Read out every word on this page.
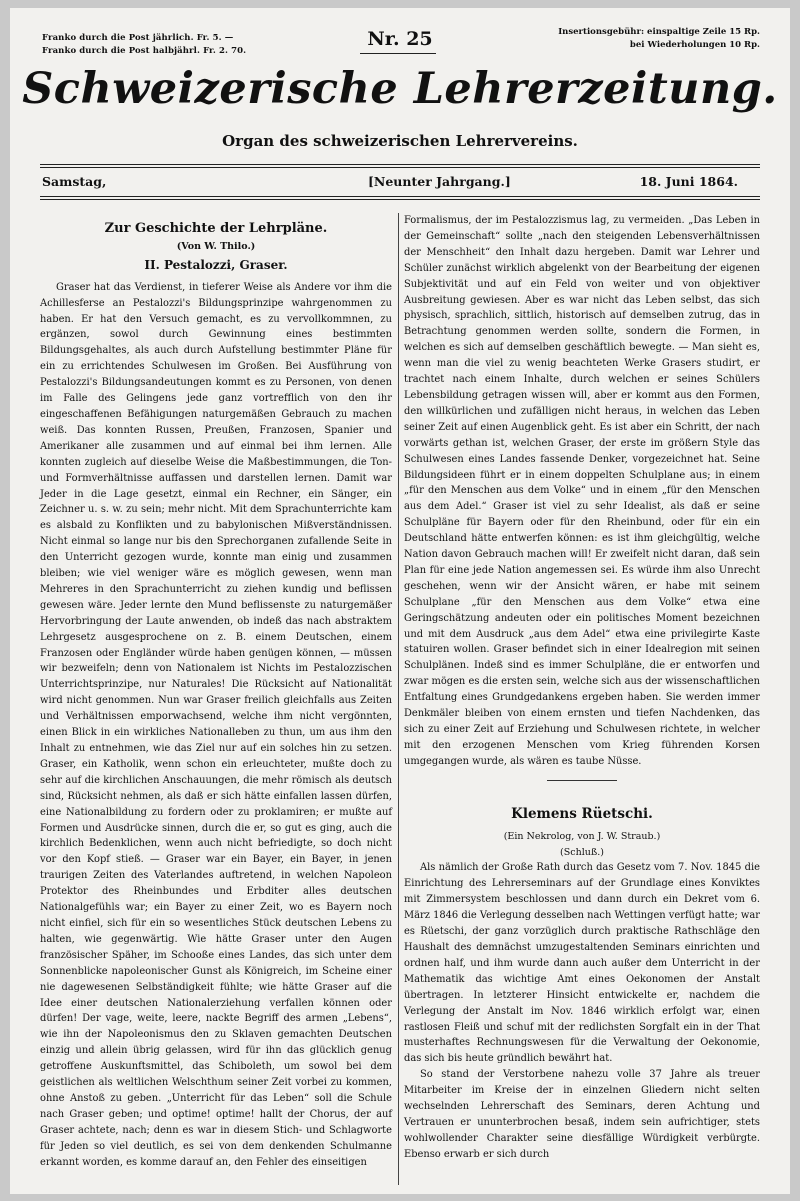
Franko durch die Post jährlich. Fr. 5. —
Franko durch die Post halbjährl. Fr. 2. 70.
Nr. 25	Insertionsgebühr: einspaltige Zeile 15 Rp.
bei Wiederholungen 10 Rp.
Schweizerische Lehrerzeitung.
Organ des schweizerischen Lehrervereins.
Samstag,	[Neunter Jahrgang.]	18. Juni 1864.
Zur Geschichte der Lehrpläne.
(Von W. Thilo.)
II. Pestalozzi, Graser.

Graser hat das Verdienst, in tieferer Weise als Andere vor ihm die Achillesferse an Pestalozzi's Bildungsprinzipe wahrgenommen zu haben. Er hat den Versuch gemacht, es zu vervollkommnen, zu ergänzen, sowol durch Gewinnung eines bestimmten Bildungsgehaltes, als auch durch Aufstellung bestimmter Pläne für ein zu errichtendes Schulwesen im Großen. Bei Ausführung von Pestalozzi's Bildungsandeutungen kommt es zu Personen, von denen im Falle des Gelingens jede ganz vortrefflich von den ihr eingeschaffenen Befähigungen naturgemäßen Gebrauch zu machen weiß. Das konnten Russen, Preußen, Franzosen, Spanier und Amerikaner alle zusammen und auf einmal bei ihm lernen. Alle konnten zugleich auf dieselbe Weise die Maßbestimmungen, die Ton- und Formverhältnisse auffassen und darstellen lernen. Damit war Jeder in die Lage gesetzt, einmal ein Rechner, ein Sänger, ein Zeichner u. s. w. zu sein; mehr nicht. Mit dem Sprachunterrichte kam es alsbald zu Konflikten und zu babylonischen Mißverständnissen. Nicht einmal so lange nur bis den Sprechorganen zufallende Seite in den Unterricht gezogen wurde, konnte man einig und zusammen bleiben; wie viel weniger wäre es möglich gewesen, wenn man Mehreres in den Sprachunterricht zu ziehen kundig und beflissen gewesen wäre. Jeder lernte den Mund beflissenste zu naturgemäßer Hervorbringung der Laute anwenden, ob indeß das nach abstraktem Lehrgesetz ausgesprochene on z. B. einem Deutschen, einem Franzosen oder Engländer würde haben genügen können, — müssen wir bezweifeln; denn von Nationalem ist Nichts im Pestalozzischen Unterrichtsprinzipe, nur Naturales! Die Rücksicht auf Nationalität wird nicht genommen. Nun war Graser freilich gleichfalls aus Zeiten und Verhältnissen emporwachsend, welche ihm nicht vergönnten, einen Blick in ein wirkliches Nationalleben zu thun, um aus ihm den Inhalt zu entnehmen, wie das Ziel nur auf ein solches hin zu setzen. Graser, ein Katholik, wenn schon ein erleuchteter, mußte doch zu sehr auf die kirchlichen Anschauungen, die mehr römisch als deutsch sind, Rücksicht nehmen, als daß er sich hätte einfallen lassen dürfen, eine Nationalbildung zu fordern oder zu proklamiren; er mußte auf Formen und Ausdrücke sinnen, durch die er, so gut es ging, auch die kirchlich Bedenklichen, wenn auch nicht befriedigte, so doch nicht vor den Kopf stieß. — Graser war ein Bayer, ein Bayer, in jenen traurigen Zeiten des Vaterlandes auftretend, in welchen Napoleon Protektor des Rheinbundes und Erbditer alles deutschen Nationalgefühls war; ein Bayer zu einer Zeit, wo es Bayern noch nicht einfiel, sich für ein so wesentliches Stück deutschen Lebens zu halten, wie gegenwärtig. Wie hätte Graser unter den Augen französischer Späher, im Schooße eines Landes, das sich unter dem Sonnenblicke napoleonischer Gunst als Königreich, im Scheine einer nie dagewesenen Selbständigkeit fühlte; wie hätte Graser auf die Idee einer deutschen Nationalerziehung verfallen können oder dürfen! Der vage, weite, leere, nackte Begriff des armen „Lebens“, wie ihn der Napoleonismus den zu Sklaven gemachten Deutschen einzig und allein übrig gelassen, wird für ihn das glücklich genug getroffene Auskunftsmittel, das Schiboleth, um sowol bei dem geistlichen als weltlichen Welschthum seiner Zeit vorbei zu kommen, ohne Anstoß zu geben. „Unterricht für das Leben“ soll die Schule nach Graser geben; und optime! optime! hallt der Chorus, der auf Graser achtete, nach; denn es war in diesem Stich- und Schlagworte für Jeden so viel deutlich, es sei von dem denkenden Schulmanne erkannt worden, es komme darauf an, den Fehler des einseitigen

Formalismus, der im Pestalozzismus lag, zu vermeiden. „Das Leben in der Gemeinschaft“ sollte „nach den steigenden Lebensverhältnissen der Menschheit“ den Inhalt dazu hergeben. Damit war Lehrer und Schüler zunächst wirklich abgelenkt von der Bearbeitung der eigenen Subjektivität und auf ein Feld von weiter und von objektiver Ausbreitung gewiesen. Aber es war nicht das Leben selbst, das sich physisch, sprachlich, sittlich, historisch auf demselben zutrug, das in Betrachtung genommen werden sollte, sondern die Formen, in welchen es sich auf demselben geschäftlich bewegte. — Man sieht es, wenn man die viel zu wenig beachteten Werke Grasers studirt, er trachtet nach einem Inhalte, durch welchen er seines Schülers Lebensbildung getragen wissen will, aber er kommt aus den Formen, den willkürlichen und zufälligen nicht heraus, in welchen das Leben seiner Zeit auf einen Augenblick geht. Es ist aber ein Schritt, der nach vorwärts gethan ist, welchen Graser, der erste im größern Style das Schulwesen eines Landes fassende Denker, vorgezeichnet hat. Seine Bildungsideen führt er in einem doppelten Schulplane aus; in einem „für den Menschen aus dem Volke“ und in einem „für den Menschen aus dem Adel.“ Graser ist viel zu sehr Idealist, als daß er seine Schulpläne für Bayern oder für den Rheinbund, oder für ein ein Deutschland hätte entwerfen können: es ist ihm gleichgültig, welche Nation davon Gebrauch machen will! Er zweifelt nicht daran, daß sein Plan für eine jede Nation angemessen sei. Es würde ihm also Unrecht geschehen, wenn wir der Ansicht wären, er habe mit seinem Schulplane „für den Menschen aus dem Volke“ etwa eine Geringschätzung andeuten oder ein politisches Moment bezeichnen und mit dem Ausdruck „aus dem Adel“ etwa eine privilegirte Kaste statuiren wollen. Graser befindet sich in einer Idealregion mit seinen Schulplänen. Indeß sind es immer Schulpläne, die er entworfen und zwar mögen es die ersten sein, welche sich aus der wissenschaftlichen Entfaltung eines Grundgedankens ergeben haben. Sie werden immer Denkmäler bleiben von einem ernsten und tiefen Nachdenken, das sich zu einer Zeit auf Erziehung und Schulwesen richtete, in welcher mit den erzogenen Menschen vom Krieg führenden Korsen umgegangen wurde, als wären es taube Nüsse.

Klemens Rüetschi.
(Ein Nekrolog, von J. W. Straub.)
(Schluß.)

Als nämlich der Große Rath durch das Gesetz vom 7. Nov. 1845 die Einrichtung des Lehrerseminars auf der Grundlage eines Konviktes mit Zimmersystem beschlossen und dann durch ein Dekret vom 6. März 1846 die Verlegung desselben nach Wettingen verfügt hatte; war es Rüetschi, der ganz vorzüglich durch praktische Rathschläge den Haushalt des demnächst umzugestaltenden Seminars einrichten und ordnen half, und ihm wurde dann auch außer dem Unterricht in der Mathematik das wichtige Amt eines Oekonomen der Anstalt übertragen. In letzterer Hinsicht entwickelte er, nachdem die Verlegung der Anstalt im Nov. 1846 wirklich erfolgt war, einen rastlosen Fleiß und schuf mit der redlichsten Sorgfalt ein in der That musterhaftes Rechnungswesen für die Verwaltung der Oekonomie, das sich bis heute gründlich bewährt hat.

So stand der Verstorbene nahezu volle 37 Jahre als treuer Mitarbeiter im Kreise der in einzelnen Gliedern nicht selten wechselnden Lehrerschaft des Seminars, deren Achtung und Vertrauen er ununterbrochen besaß, indem sein aufrichtiger, stets wohlwollender Charakter seine diesfällige Würdigkeit verbürgte. Ebenso erwarb er sich durch
